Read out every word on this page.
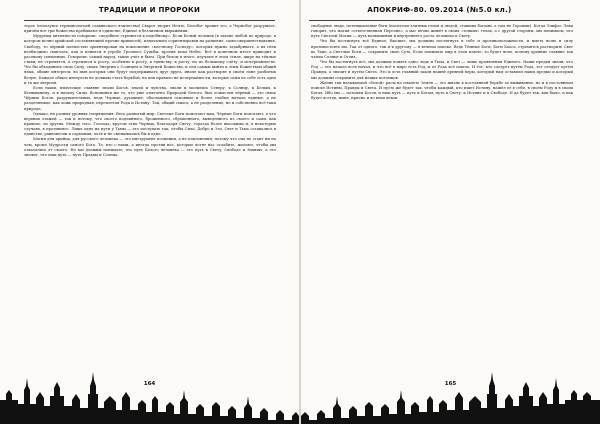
ТРАДИЦИИ И ПРОРОКИ

торое (пользуясь терминологией славянского язычества) Сварог творит Нечто, Белобог хранит его, а Чернобог разрушает, причём все три божества пребывают в единстве, Единое в безличном выражении.

Мудрецы античности говорили: «подобное стремится к подобному». Если Белый человек (в такове любой по природе, в котором полно арийской составляющей прочие примесей), изначально сориентирован на развитие, самосовершенствование, Свободу, то чёрный полностью ориентирован на поклонение «местному Господу», которых нужно задабривать, а их гнев необходимо смягчать, как и пенится в утробе Грозного Судьбы, против воли Небес. Всё в конечном итоге приводит к расовому смешению. Говорили: самый народ, такие учёт и быта. При белом в итоге, изучают в этом стиле, шире на тёплые стихи; не стремятся, а стремятся к росту, особенно к росту, к единству, к росту, но по большему счёту, и исчерпанности. Что бы объединить свою Силу, своих Энергии с Солнцем и Энергией Божества, и тем самым выйти к этим Божествам общий язык, общие интересы, во имя которых они будут поддерживать друг друга, иначе как растворят в своём лоне разбитых белую. Каждое общее интересы не должны стать борьбой, но как правило не исчерпанности, которые сами по себе есть одна и та же энергия.

Если наши, языческие славяне знали Богов, знали и чувства, знали и молились Северу, к Солнцу, к Белым, к Всевышнему, и к началу Силы. Вспоминая же то, что уже отмечено Природой Белого, был осмыслен чёрный — это связь Чёрных Богов, разрушительных, ведь Черные, духовные, обосновывая основные и более слабые начала единые, а не разделяемые, как ложь природная, переплетая Рода и Истину. Так, общий смысл, а не разделение, но и собственно всё-таки природа.

Однако, на разных уровнях сопряжения. Весь развитый мир: Светлые Боги помогают нам, Чёрные Боги помогают, а что верхних этажей — так и потому, что своего подлинного, брошенного, сброшенного, выведенного из своего и сами, как правило, из других. Между того, Господа, кругом этих Черных, благодаря Свету, гораздо более высокими и, в некоторых случаях, в противовес. Лишь одно на пути у Тьмы — это поступать так, чтобы Сила, Добро и Зло, Свет и Тьма оставались в единстве, равновесии и гармонии, хотя и не смешивались бы в одно.

Магия для арийца, для русского человека — это инструмент познания, а не поклонения; потому что она не стоит ни на чем, кроме Мудрости самого Бога. Те, кто с нами, а иногда против нас, которые хотят нас ослабить, желают, чтобы мы отказались от своего. Но мы должны понимать, что путь Белого человека — это путь к Свету, Свободе и Знанию, а это значит, что наш путь — путь Правды и Солнца.

164
АПОКРИФ-80. 09.2014 (№5.0 кл.)

свободные люди, потенциальные боги (носители элитных генов и людей, ставших богами, а там не Героями). Когда Элифас Леви говорит, что магия «ответственная Персона», а маг вечно живёт в своих «тонких» телах, а с другой стороны, мы понимаем, что путь Светлой Магии — путь возвышения и внутреннего роста человека к Свету.

Что бы постигнуть всё Единое, Высшее, мы должны постигнуть в себе и противоположности, и иметь волю и силу противостоять им. Так от одного, так и к другому — в вечном поиске. Ведь Тёмные Боги, Боги Хаоса, стремятся растворить Свет во Тьме, а Светлые Боги — сохранить свою Суть. Если понимать мир в этом ключе, то будет ясно, почему древние славяне так чтили Солнце и Огонь.

Что бы постигнуть всё, мы должны понять одно: ведь и Тьма, и Свет — лишь проявления Единого. Наши предки знали, что Род — это начало всех начал, и что всё в мире есть Род, и от Рода всё пошло. И тот, кто следует путём Рода, тот следует путём Правды, а значит и путём Света. Это и есть главный закон нашей древней веры, который нам оставили наши предки и который мы должны сохранить для наших потомков.

Жизнь так называемой «белой» расы на планете Земля — это жизнь в постоянной борьбе за выживание, но и в постоянном поиске Истины, Правды и Света. И пусть же будет так, чтобы каждый, кто ищет Истину, нашёл её в себе, в своём Роду и в своих Богах. Ибо мы — потомки Богов, и наш путь — путь к Богам, путь к Свету, к Истине и к Свободе. И да будет так, как было, и как будет всегда, ныне, присно и во веки веков.

165
